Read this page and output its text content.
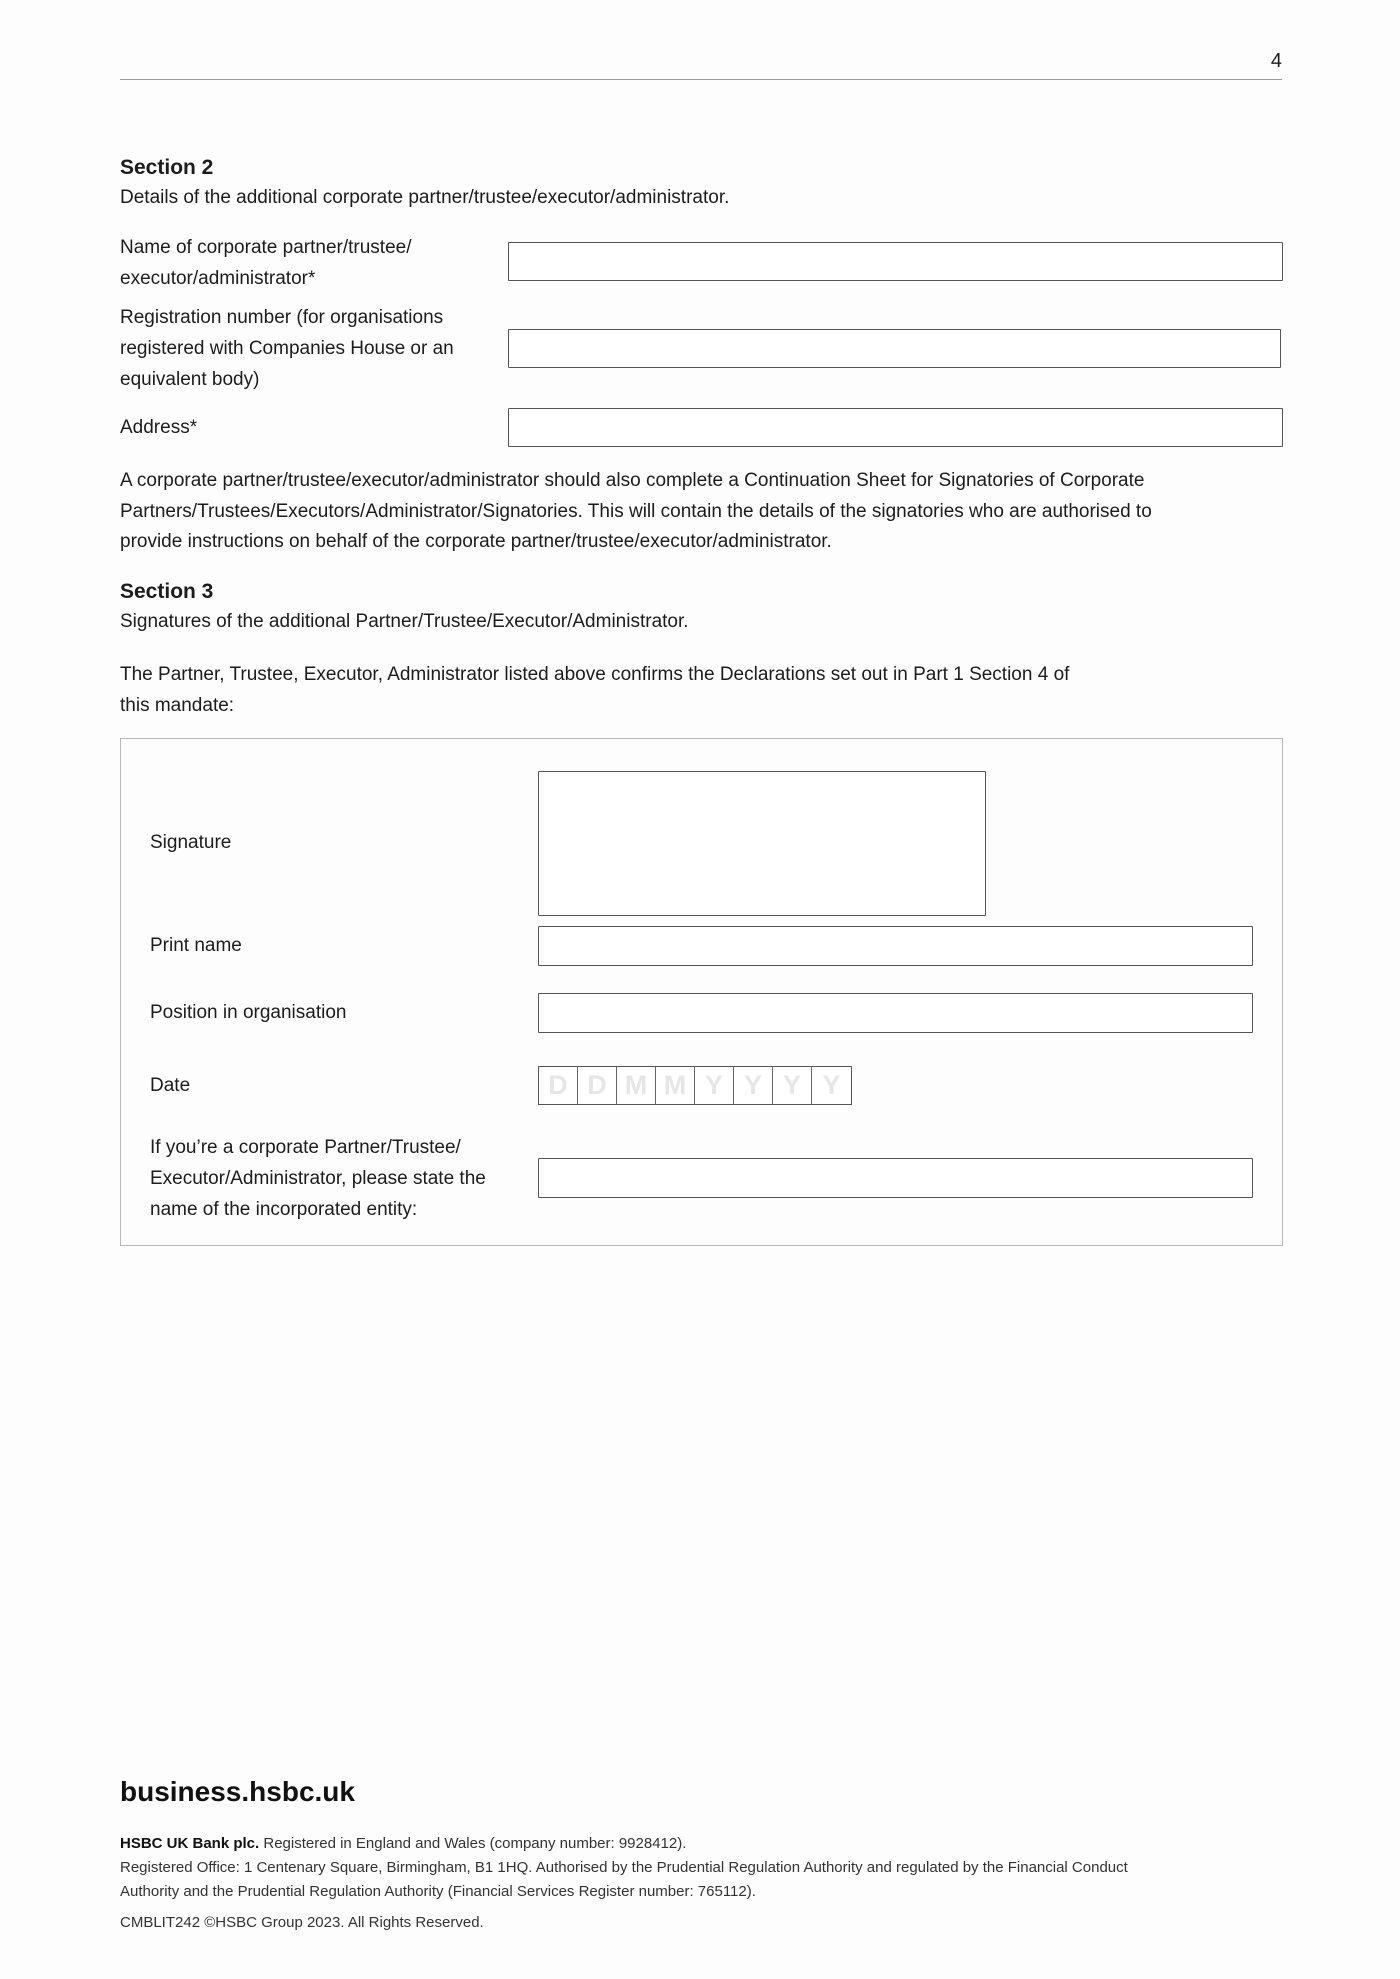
4
Section 2
Details of the additional corporate partner/trustee/executor/administrator.
Name of corporate partner/trustee/
executor/administrator*
Registration number (for organisations
registered with Companies House or an
equivalent body)
Address*
A corporate partner/trustee/executor/administrator should also complete a Continuation Sheet for Signatories of Corporate
Partners/Trustees/Executors/Administrator/Signatories. This will contain the details of the signatories who are authorised to
provide instructions on behalf of the corporate partner/trustee/executor/administrator.
Section 3
Signatures of the additional Partner/Trustee/Executor/Administrator.
The Partner, Trustee, Executor, Administrator listed above confirms the Declarations set out in Part 1 Section 4 of
this mandate:
Signature
Print name
Position in organisation
Date	D D M M Y Y Y Y
If you’re a corporate Partner/Trustee/
Executor/Administrator, please state the
name of the incorporated entity:
business.hsbc.uk
HSBC UK Bank plc. Registered in England and Wales (company number: 9928412).
Registered Office: 1 Centenary Square, Birmingham, B1 1HQ. Authorised by the Prudential Regulation Authority and regulated by the Financial Conduct
Authority and the Prudential Regulation Authority (Financial Services Register number: 765112).
CMBLIT242 ©HSBC Group 2023. All Rights Reserved.
